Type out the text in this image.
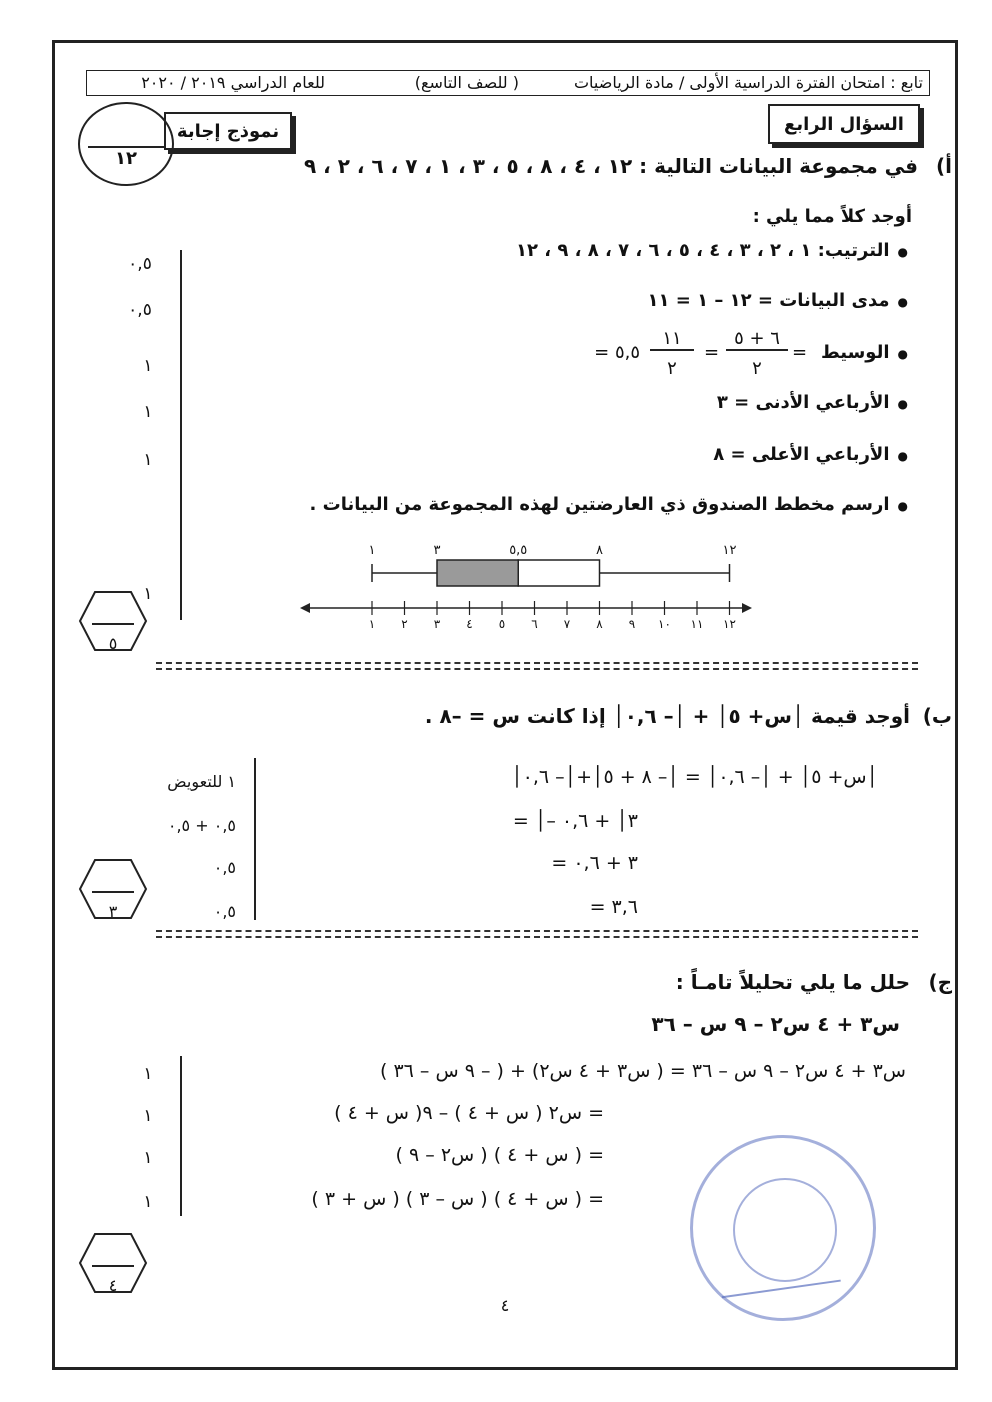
تابع : امتحان الفترة الدراسية الأولى / مادة الرياضيات
( للصف التاسع)
للعام الدراسي ٢٠١٩ / ٢٠٢٠
السؤال الرابع
نموذج إجابة
١٢	أ)
في مجموعة البيانات التالية : ١٢ ، ٤ ، ٨ ، ٥ ، ٣ ، ١ ، ٧ ، ٦ ، ٢ ، ٩
أوجد كلاً مما يلي :
● الترتيب: ١ ، ٢ ، ٣ ، ٤ ، ٥ ، ٦ ، ٧ ، ٨ ، ٩ ، ١٢
● مدى البيانات = ١٢ – ١ = ١١
● الوسيط
=
٦ + ٥
٢
=
١١
٢
= ٥,٥
● الأرباعي الأدنى = ٣
● الأرباعي الأعلى = ٨
● ارسم مخطط الصندوق ذي العارضتين لهذه المجموعة من البيانات .
٠,٥
٠,٥
١
١
١
١
١	٣	٥,٥	٨	١٢
١ ٢ ٣ ٤ ٥ ٦ ٧ ٨ ٩ ١٠ ١١ ١٢
٥
ب)
أوجد قيمة │س+ ٥│ + │– ٠,٦│ إذا كانت س = –٨ .
│س+ ٥│ + │– ٠,٦│ = │– ٨ + ٥│+│– ٠,٦│
= │– ٣│ + ٠,٦
= ٣ + ٠,٦
= ٣,٦
١ للتعويض
٠,٥ + ٠,٥
٠,٥
٠,٥
٣
ج)
حلل ما يلي تحليلاً تامـاً :
س٣ + ٤ س٢ – ٩ س – ٣٦
س٣ + ٤ س٢ – ٩ س – ٣٦ = ( س٣ + ٤ س٢) + ( – ٩ س – ٣٦ )
= س٢ ( س + ٤ ) – ٩( س + ٤ )
= ( س + ٤ ) ( س٢ – ٩ )
= ( س + ٤ ) ( س – ٣ ) ( س + ٣ )
١
١
١
١
٤
٤
